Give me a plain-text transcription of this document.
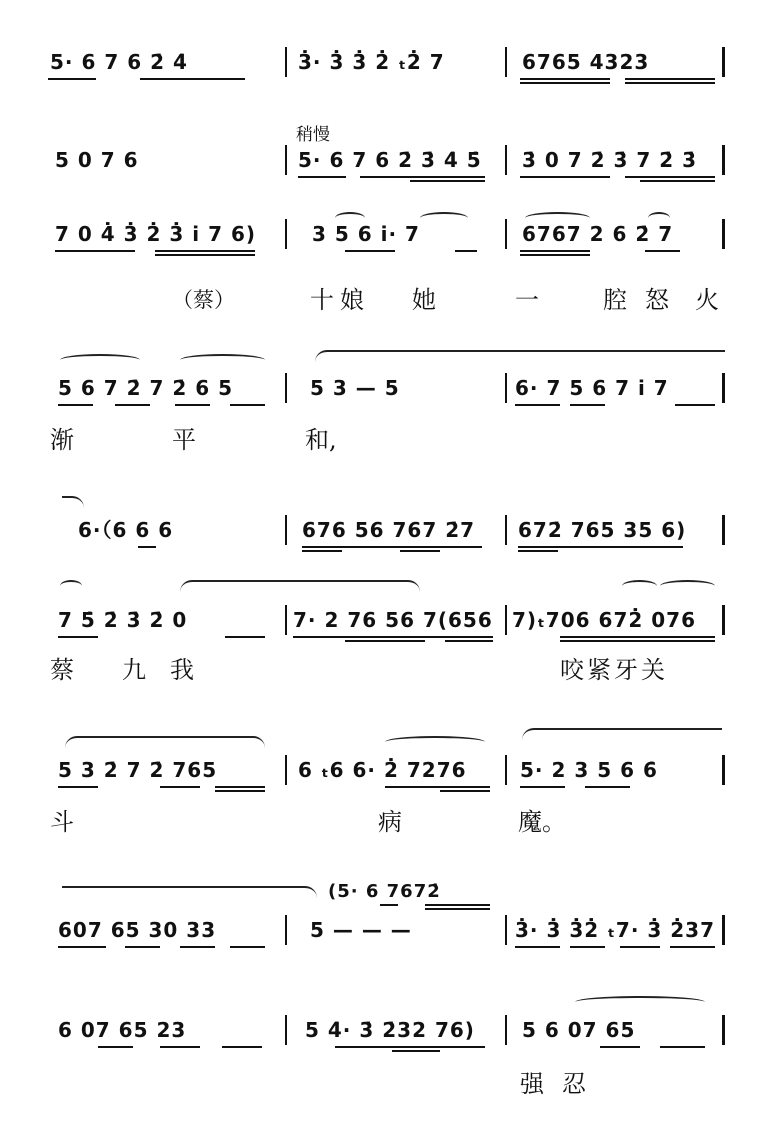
5· 6 7 6 2̇ 4̇	3̇· 3̇ 3̇ 2̇ ₜ2̇ 7	6765 4323
稍慢
5 0 7 6	5· 6 7 6 2̇ 3̇ 4̇ 5̇ 3̇ 0 7 2̇ 3̇ 7 2̇ 3̇
7 0 4̇ 3̇ 2̇ 3̇ i 7 6)	3 5 6 i· 7	6767 2 6 2̇ 7
（蔡）	十 娘 她	一	腔 怒 火
5 6 7 2̇ 7 2̇ 6 5	5 3 — 5	6· 7 5 6 7 i 7
渐	平	和,
6·（6 6 6	676 56 767 2̇7 672̇ 765 35 6)
7 5̇ 2̇ 3̇ 2̇ 0	7· 2 76 56 7(656 7)ₜ706 672̇ 076
蔡 九 我	咬紧牙关
5 3 2̇ 7 2̇ 765	6 ₜ6 6· 2̇ 7276	5· 2 3 5 6 6̇
斗	病	魔。
(5· 6 7672̇
607 65 30 33	5 — — —	3̇· 3̇ 3̇2̇ ₜ7· 3̇ 2̇37
6 07 65 23	5 4̇· 3̇ 2̇32 76) 5 6 07 65
强 忍
